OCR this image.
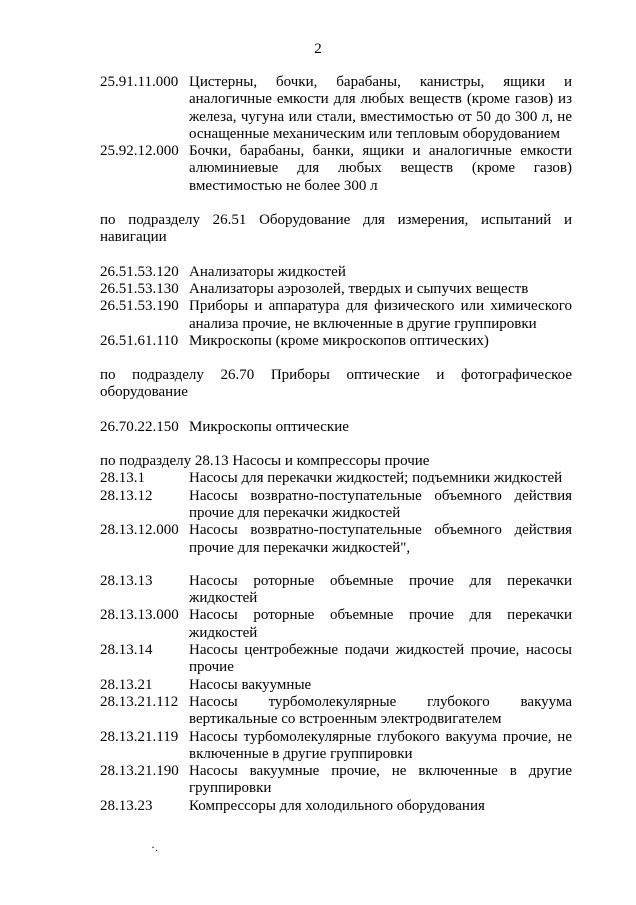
2
25.91.11.000 Цистерны, бочки, барабаны, канистры, ящики и аналогичные емкости для любых веществ (кроме газов) из железа, чугуна или стали, вместимостью от 50 до 300 л, не оснащенные механическим или тепловым оборудованием
25.92.12.000 Бочки, барабаны, банки, ящики и аналогичные емкости алюминиевые для любых веществ (кроме газов) вместимостью не более 300 л
по подразделу 26.51 Оборудование для измерения, испытаний и навигации
26.51.53.120 Анализаторы жидкостей
26.51.53.130 Анализаторы аэрозолей, твердых и сыпучих веществ
26.51.53.190 Приборы и аппаратура для физического или химического анализа прочие, не включенные в другие группировки
26.51.61.110 Микроскопы (кроме микроскопов оптических)
по подразделу 26.70 Приборы оптические и фотографическое оборудование
26.70.22.150 Микроскопы оптические
по подразделу 28.13 Насосы и компрессоры прочие
28.13.1	Насосы для перекачки жидкостей; подъемники жидкостей
28.13.12	Насосы возвратно-поступательные объемного действия прочие для перекачки жидкостей
28.13.12.000 Насосы возвратно-поступательные объемного действия прочие для перекачки жидкостей",
28.13.13	Насосы роторные объемные прочие для перекачки жидкостей
28.13.13.000 Насосы роторные объемные прочие для перекачки жидкостей
28.13.14	Насосы центробежные подачи жидкостей прочие, насосы прочие
28.13.21	Насосы вакуумные
28.13.21.112 Насосы турбомолекулярные глубокого вакуума вертикальные со встроенным электродвигателем
28.13.21.119 Насосы турбомолекулярные глубокого вакуума прочие, не включенные в другие группировки
28.13.21.190 Насосы вакуумные прочие, не включенные в другие группировки
28.13.23	Компрессоры для холодильного оборудования
·.
